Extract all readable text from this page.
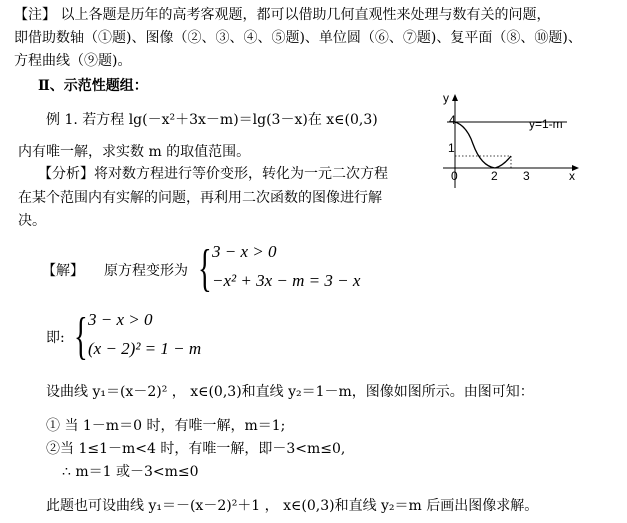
【注】 以上各题是历年的高考客观题，都可以借助几何直观性来处理与数有关的问题，
即借助数轴（①题)、图像（②、③、④、⑤题)、单位圆（⑥、⑦题)、复平面（⑧、⑩题)、
方程曲线（⑨题)。
Ⅱ、示范性题组：
例 1. 若方程 lg(－x²＋3x－m)＝lg(3－x)在 x∈(0,3)
内有唯一解，求实数 m 的取值范围。
【分析】将对数方程进行等价变形，转化为一元二次方程
在某个范围内有实解的问题，再利用二次函数的图像进行解
决。
y
x
y=1-m
4
1
0	2 3
【解】 原方程变形为 { 3 − x > 0
−x² + 3x − m = 3 − x
即: { 3 − x > 0
(x − 2)² = 1 − m
设曲线 y₁＝(x－2)² ， x∈(0,3)和直线 y₂＝1－m，图像如图所示。由图可知：
① 当 1－m＝0 时，有唯一解，m＝1;
②当 1≤1－m<4 时，有唯一解，即－3<m≤0,
∴ m＝1 或－3<m≤0
此题也可设曲线 y₁＝－(x－2)²＋1 ， x∈(0,3)和直线 y₂＝m 后画出图像求解。
